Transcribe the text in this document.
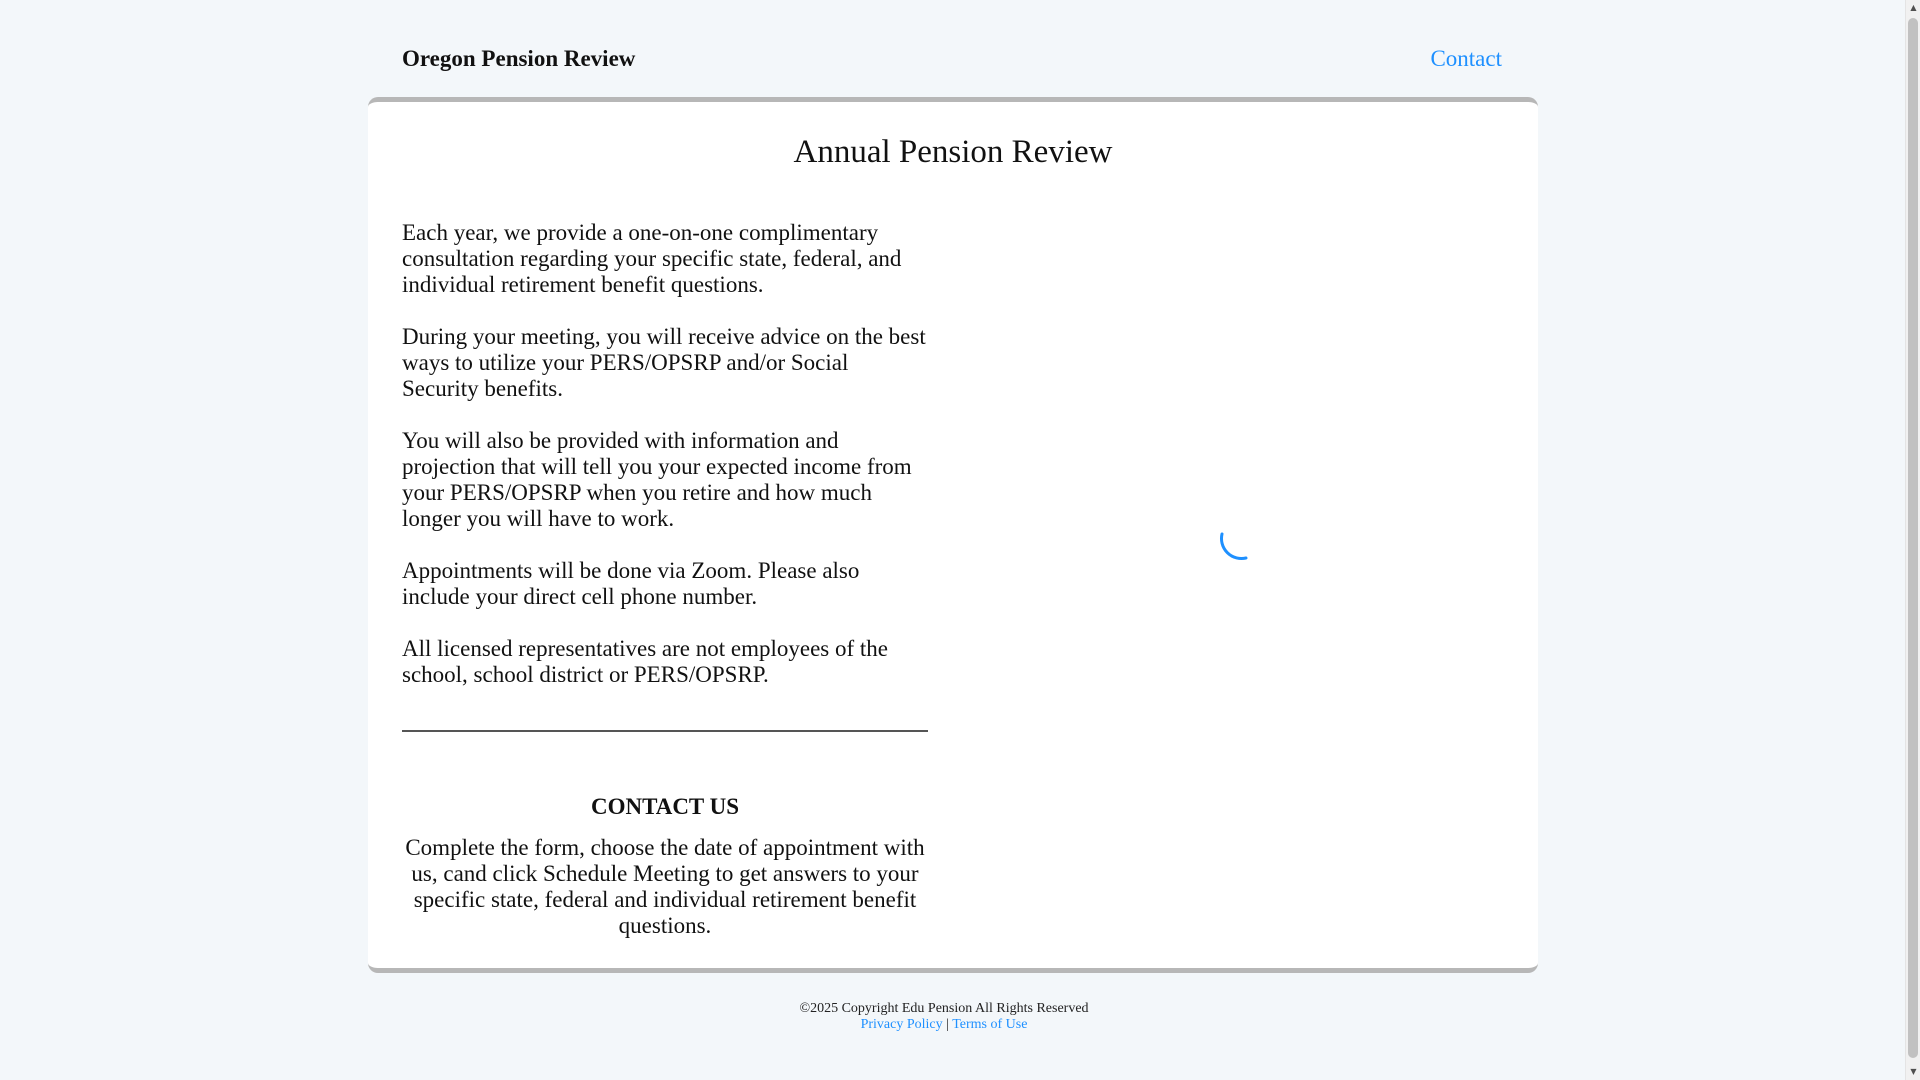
Oregon Pension Review	Contact
Annual Pension Review

Each year, we provide a one-on-one complimentary consultation regarding your specific state, federal, and individual retirement benefit questions.

During your meeting, you will receive advice on the best ways to utilize your PERS/OPSRP and/or Social Security benefits.

You will also be provided with information and projection that will tell you your expected income from your PERS/OPSRP when you retire and how much longer you will have to work.

Appointments will be done via Zoom. Please also include your direct cell phone number.

All licensed representatives are not employees of the school, school district or PERS/OPSRP.

CONTACT US
Complete the form, choose the date of appointment with us, cand click Schedule Meeting to get answers to your specific state, federal and individual retirement benefit questions.
©2025 Copyright Edu Pension All Rights Reserved
Privacy Policy | Terms of Use
▲
▼
